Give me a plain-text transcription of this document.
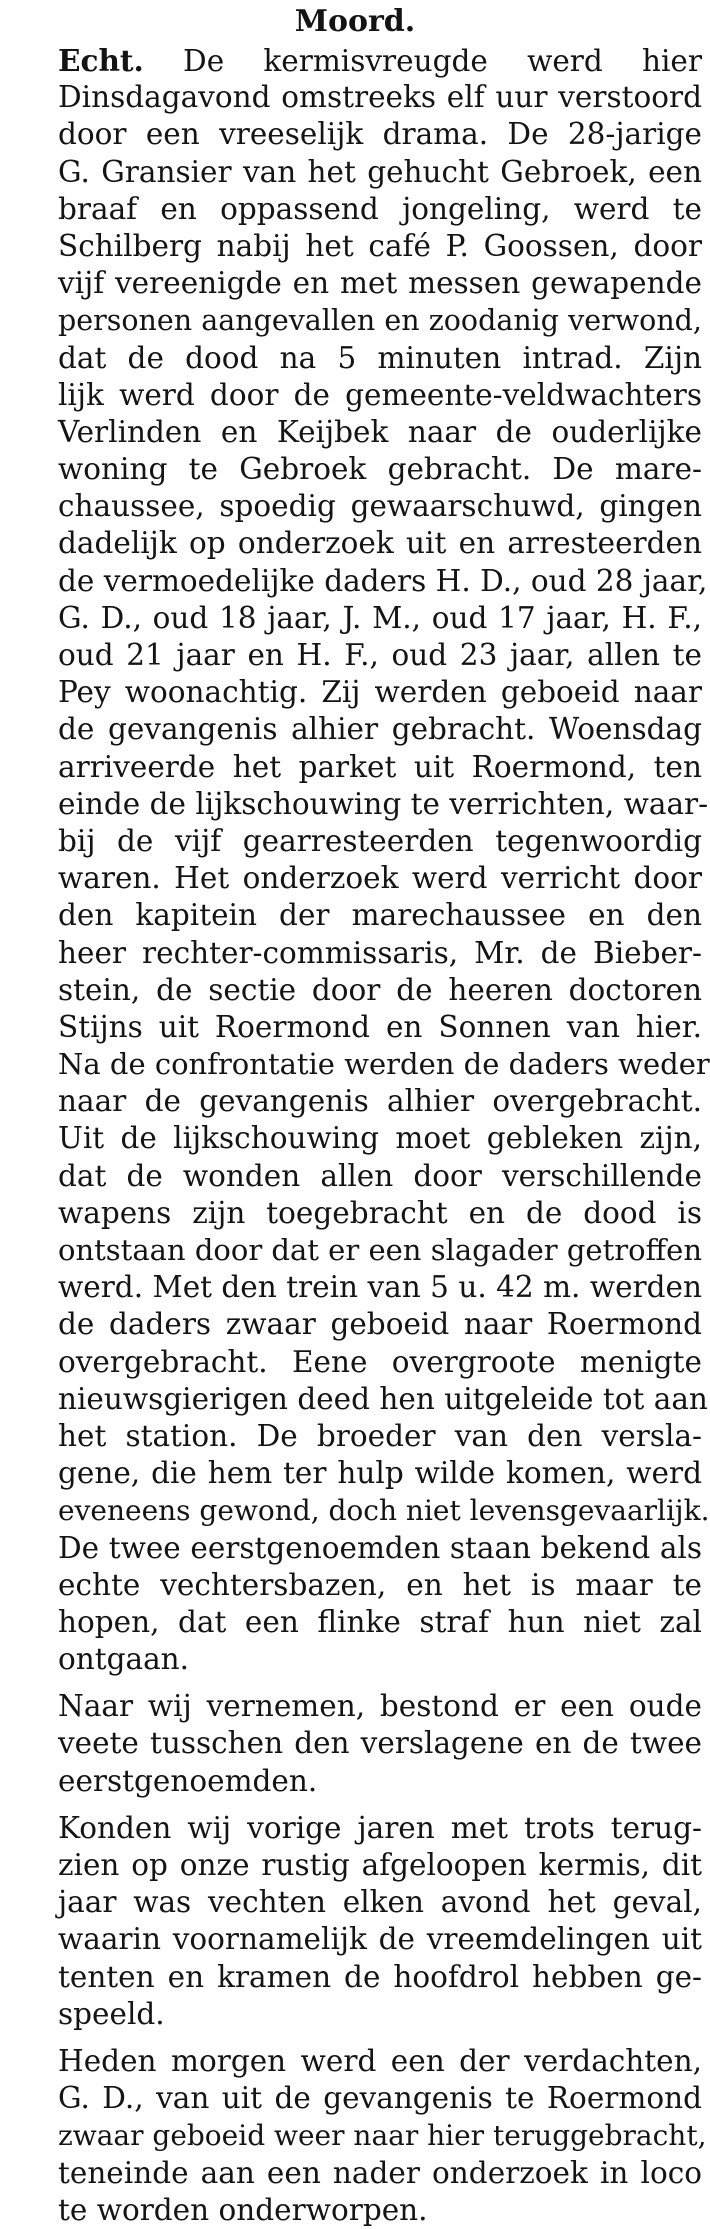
Moord.
Echt. De kermisvreugde werd hier
Dinsdagavond omstreeks elf uur verstoord
door een vreeselijk drama. De 28-jarige
G. Gransier van het gehucht Gebroek, een
braaf en oppassend jongeling, werd te
Schilberg nabij het café P. Goossen, door
vijf vereenigde en met messen gewapende
personen aangevallen en zoodanig verwond,
dat de dood na 5 minuten intrad. Zijn
lijk werd door de gemeente-veldwachters
Verlinden en Keijbek naar de ouderlijke
woning te Gebroek gebracht. De mare-
chaussee, spoedig gewaarschuwd, gingen
dadelijk op onderzoek uit en arresteerden
de vermoedelijke daders H. D., oud 28 jaar,
G. D., oud 18 jaar, J. M., oud 17 jaar, H. F.,
oud 21 jaar en H. F., oud 23 jaar, allen te
Pey woonachtig. Zij werden geboeid naar
de gevangenis alhier gebracht. Woensdag
arriveerde het parket uit Roermond, ten
einde de lijkschouwing te verrichten, waar-
bij de vijf gearresteerden tegenwoordig
waren. Het onderzoek werd verricht door
den kapitein der marechaussee en den
heer rechter-commissaris, Mr. de Bieber-
stein, de sectie door de heeren doctoren
Stijns uit Roermond en Sonnen van hier.
Na de confrontatie werden de daders weder
naar de gevangenis alhier overgebracht.
Uit de lijkschouwing moet gebleken zijn,
dat de wonden allen door verschillende
wapens zijn toegebracht en de dood is
ontstaan door dat er een slagader getroffen
werd. Met den trein van 5 u. 42 m. werden
de daders zwaar geboeid naar Roermond
overgebracht. Eene overgroote menigte
nieuwsgierigen deed hen uitgeleide tot aan
het station. De broeder van den versla-
gene, die hem ter hulp wilde komen, werd
eveneens gewond, doch niet levensgevaarlijk.
De twee eerstgenoemden staan bekend als
echte vechtersbazen, en het is maar te
hopen, dat een flinke straf hun niet zal
ontgaan.
Naar wij vernemen, bestond er een oude
veete tusschen den verslagene en de twee
eerstgenoemden.
Konden wij vorige jaren met trots terug-
zien op onze rustig afgeloopen kermis, dit
jaar was vechten elken avond het geval,
waarin voornamelijk de vreemdelingen uit
tenten en kramen de hoofdrol hebben ge-
speeld.
Heden morgen werd een der verdachten,
G. D., van uit de gevangenis te Roermond
zwaar geboeid weer naar hier teruggebracht,
teneinde aan een nader onderzoek in loco
te worden onderworpen.
